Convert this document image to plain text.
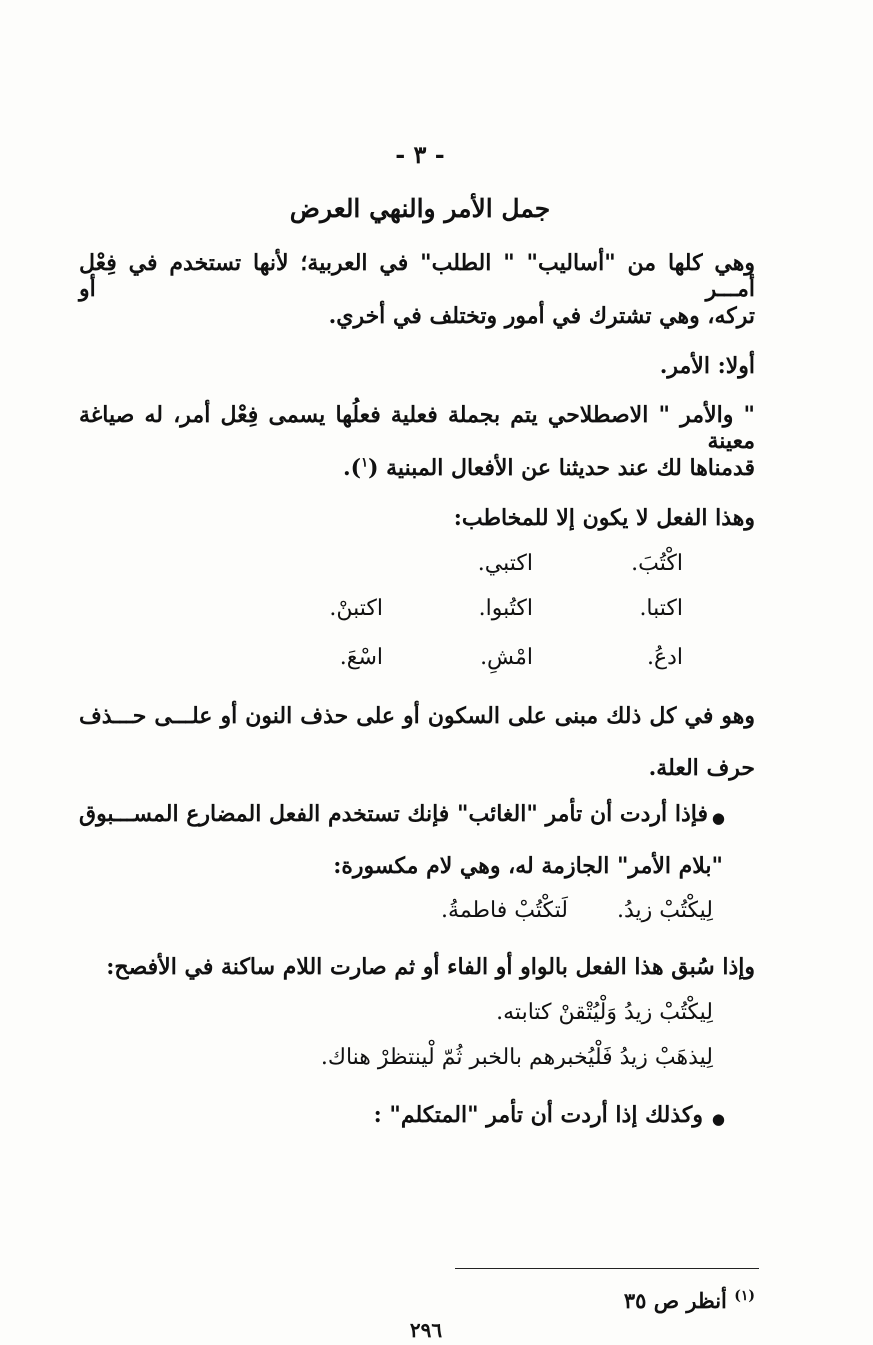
- ٣ -
جمل الأمر والنهي العرض
وهي كلها من "أساليب" " الطلب" في العربية؛ لأنها تستخدم في فِعْل أمـــر أو
تركه، وهي تشترك في أمور وتختلف في أخري.
أولا: الأمر.
" والأمر " الاصطلاحي يتم بجملة فعلية فعلُها يسمى فِعْل أمر، له صياغة معينة
قدمناها لك عند حديثنا عن الأفعال المبنية ($^١$).
وهذا الفعل لا يكون إلا للمخاطب:
اكْتُبَ.
اكتبي.
اكتبا.
اكتُبوا.
اكتبنْ.
ادعُ.
امْشِ.
اسْعَ.
وهو في كل ذلك مبنى على السكون أو على حذف النون أو علـــى حـــذف
حرف العلة.
●
فإذا أردت أن تأمر "الغائب" فإنك تستخدم الفعل المضارع المســـبوق
"بلام الأمر" الجازمة له، وهي لام مكسورة:
لِيكْتُبْ زيدُ.
لَتكْتُبْ فاطمةُ.
وإذا سُبق هذا الفعل بالواو أو الفاء أو ثم صارت اللام ساكنة في الأفصح:
لِيكْتُبْ زيدُ وَلْيُتْقنْ كتابته.
لِيذهَبْ زيدُ فَلْيُخبرهم بالخبر ثُمّ لْينتظرْ هناك.
●
وكذلك إذا أردت أن تأمر "المتكلم" :
$^{(١)}$ أنظر ص ٣٥
٢٩٦
